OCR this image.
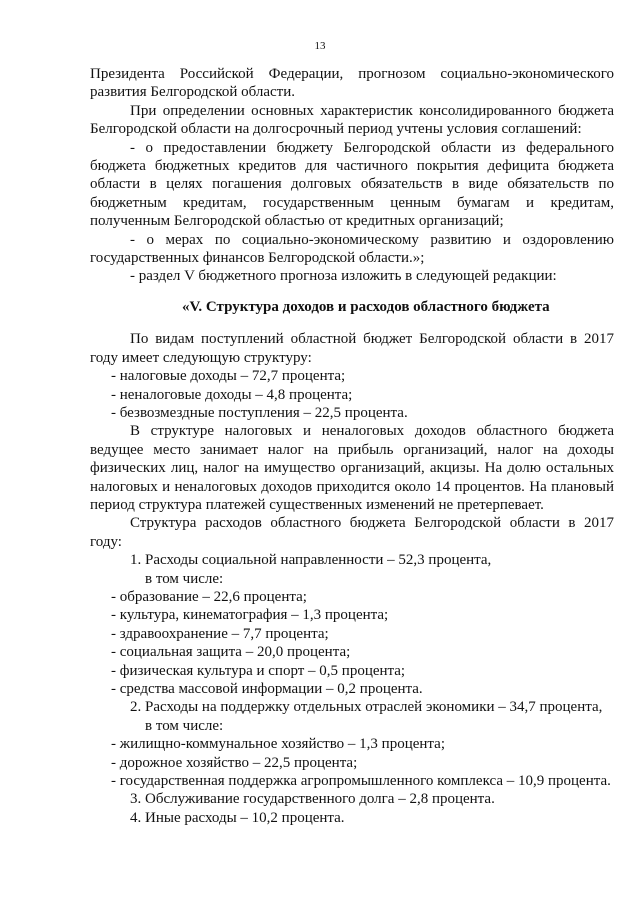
13

Президента Российской Федерации, прогнозом социально-экономического развития Белгородской области.

При определении основных характеристик консолидированного бюджета Белгородской области на долгосрочный период учтены условия соглашений:

- о предоставлении бюджету Белгородской области из федерального бюджета бюджетных кредитов для частичного покрытия дефицита бюджета области в целях погашения долговых обязательств в виде обязательств по бюджетным кредитам, государственным ценным бумагам и кредитам, полученным Белгородской областью от кредитных организаций;

- о мерах по социально-экономическому развитию и оздоровлению государственных финансов Белгородской области.»;

- раздел V бюджетного прогноза изложить в следующей редакции:

«V. Структура доходов и расходов областного бюджета

По видам поступлений областной бюджет Белгородской области в 2017 году имеет следующую структуру:

- налоговые доходы – 72,7 процента;

- неналоговые доходы – 4,8 процента;

- безвозмездные поступления – 22,5 процента.

В структуре налоговых и неналоговых доходов областного бюджета ведущее место занимает налог на прибыль организаций, налог на доходы физических лиц, налог на имущество организаций, акцизы. На долю остальных налоговых и неналоговых доходов приходится около 14 процентов. На плановый период структура платежей существенных изменений не претерпевает.

Структура расходов областного бюджета Белгородской области в 2017 году:

1. Расходы социальной направленности – 52,3 процента,

в том числе:

- образование – 22,6 процента;

- культура, кинематография – 1,3 процента;

- здравоохранение – 7,7 процента;

- социальная защита – 20,0 процента;

- физическая культура и спорт – 0,5 процента;

- средства массовой информации – 0,2 процента.

2. Расходы на поддержку отдельных отраслей экономики – 34,7 процента,

в том числе:

- жилищно-коммунальное хозяйство – 1,3 процента;

- дорожное хозяйство – 22,5 процента;

- государственная поддержка агропромышленного комплекса – 10,9 процента.

3. Обслуживание государственного долга – 2,8 процента.

4. Иные расходы – 10,2 процента.
